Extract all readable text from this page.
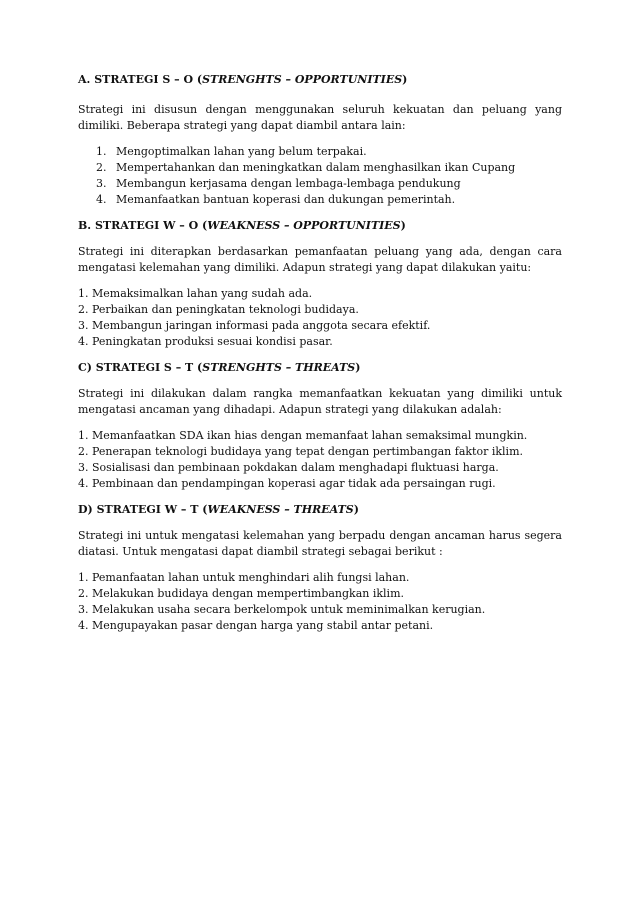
A. STRATEGI S – O (STRENGHTS – OPPORTUNITIES)

Strategi ini disusun dengan menggunakan seluruh kekuatan dan peluang yang dimiliki. Beberapa strategi yang dapat diambil antara lain:

1. Mengoptimalkan lahan yang belum terpakai.
2. Mempertahankan dan meningkatkan dalam menghasilkan ikan Cupang
3. Membangun kerjasama dengan lembaga-lembaga pendukung
4. Memanfaatkan bantuan koperasi dan dukungan pemerintah.
B. STRATEGI W – O (WEAKNESS – OPPORTUNITIES)

Strategi ini diterapkan berdasarkan pemanfaatan peluang yang ada, dengan cara mengatasi kelemahan yang dimiliki. Adapun strategi yang dapat dilakukan yaitu:

1. Memaksimalkan lahan yang sudah ada.
2. Perbaikan dan peningkatan teknologi budidaya.
3. Membangun jaringan informasi pada anggota secara efektif.
4. Peningkatan produksi sesuai kondisi pasar.
C) STRATEGI S – T (STRENGHTS – THREATS)

Strategi ini dilakukan dalam rangka memanfaatkan kekuatan yang dimiliki untuk mengatasi ancaman yang dihadapi. Adapun strategi yang dilakukan adalah:

1. Memanfaatkan SDA ikan hias dengan memanfaat lahan semaksimal mungkin.
2. Penerapan teknologi budidaya yang tepat dengan pertimbangan faktor iklim.
3. Sosialisasi dan pembinaan pokdakan dalam menghadapi fluktuasi harga.
4. Pembinaan dan pendampingan koperasi agar tidak ada persaingan rugi.
D) STRATEGI W – T (WEAKNESS – THREATS)

Strategi ini untuk mengatasi kelemahan yang berpadu dengan ancaman harus segera diatasi. Untuk mengatasi dapat diambil strategi sebagai berikut :

1. Pemanfaatan lahan untuk menghindari alih fungsi lahan.
2. Melakukan budidaya dengan mempertimbangkan iklim.
3. Melakukan usaha secara berkelompok untuk meminimalkan kerugian.
4. Mengupayakan pasar dengan harga yang stabil antar petani.
